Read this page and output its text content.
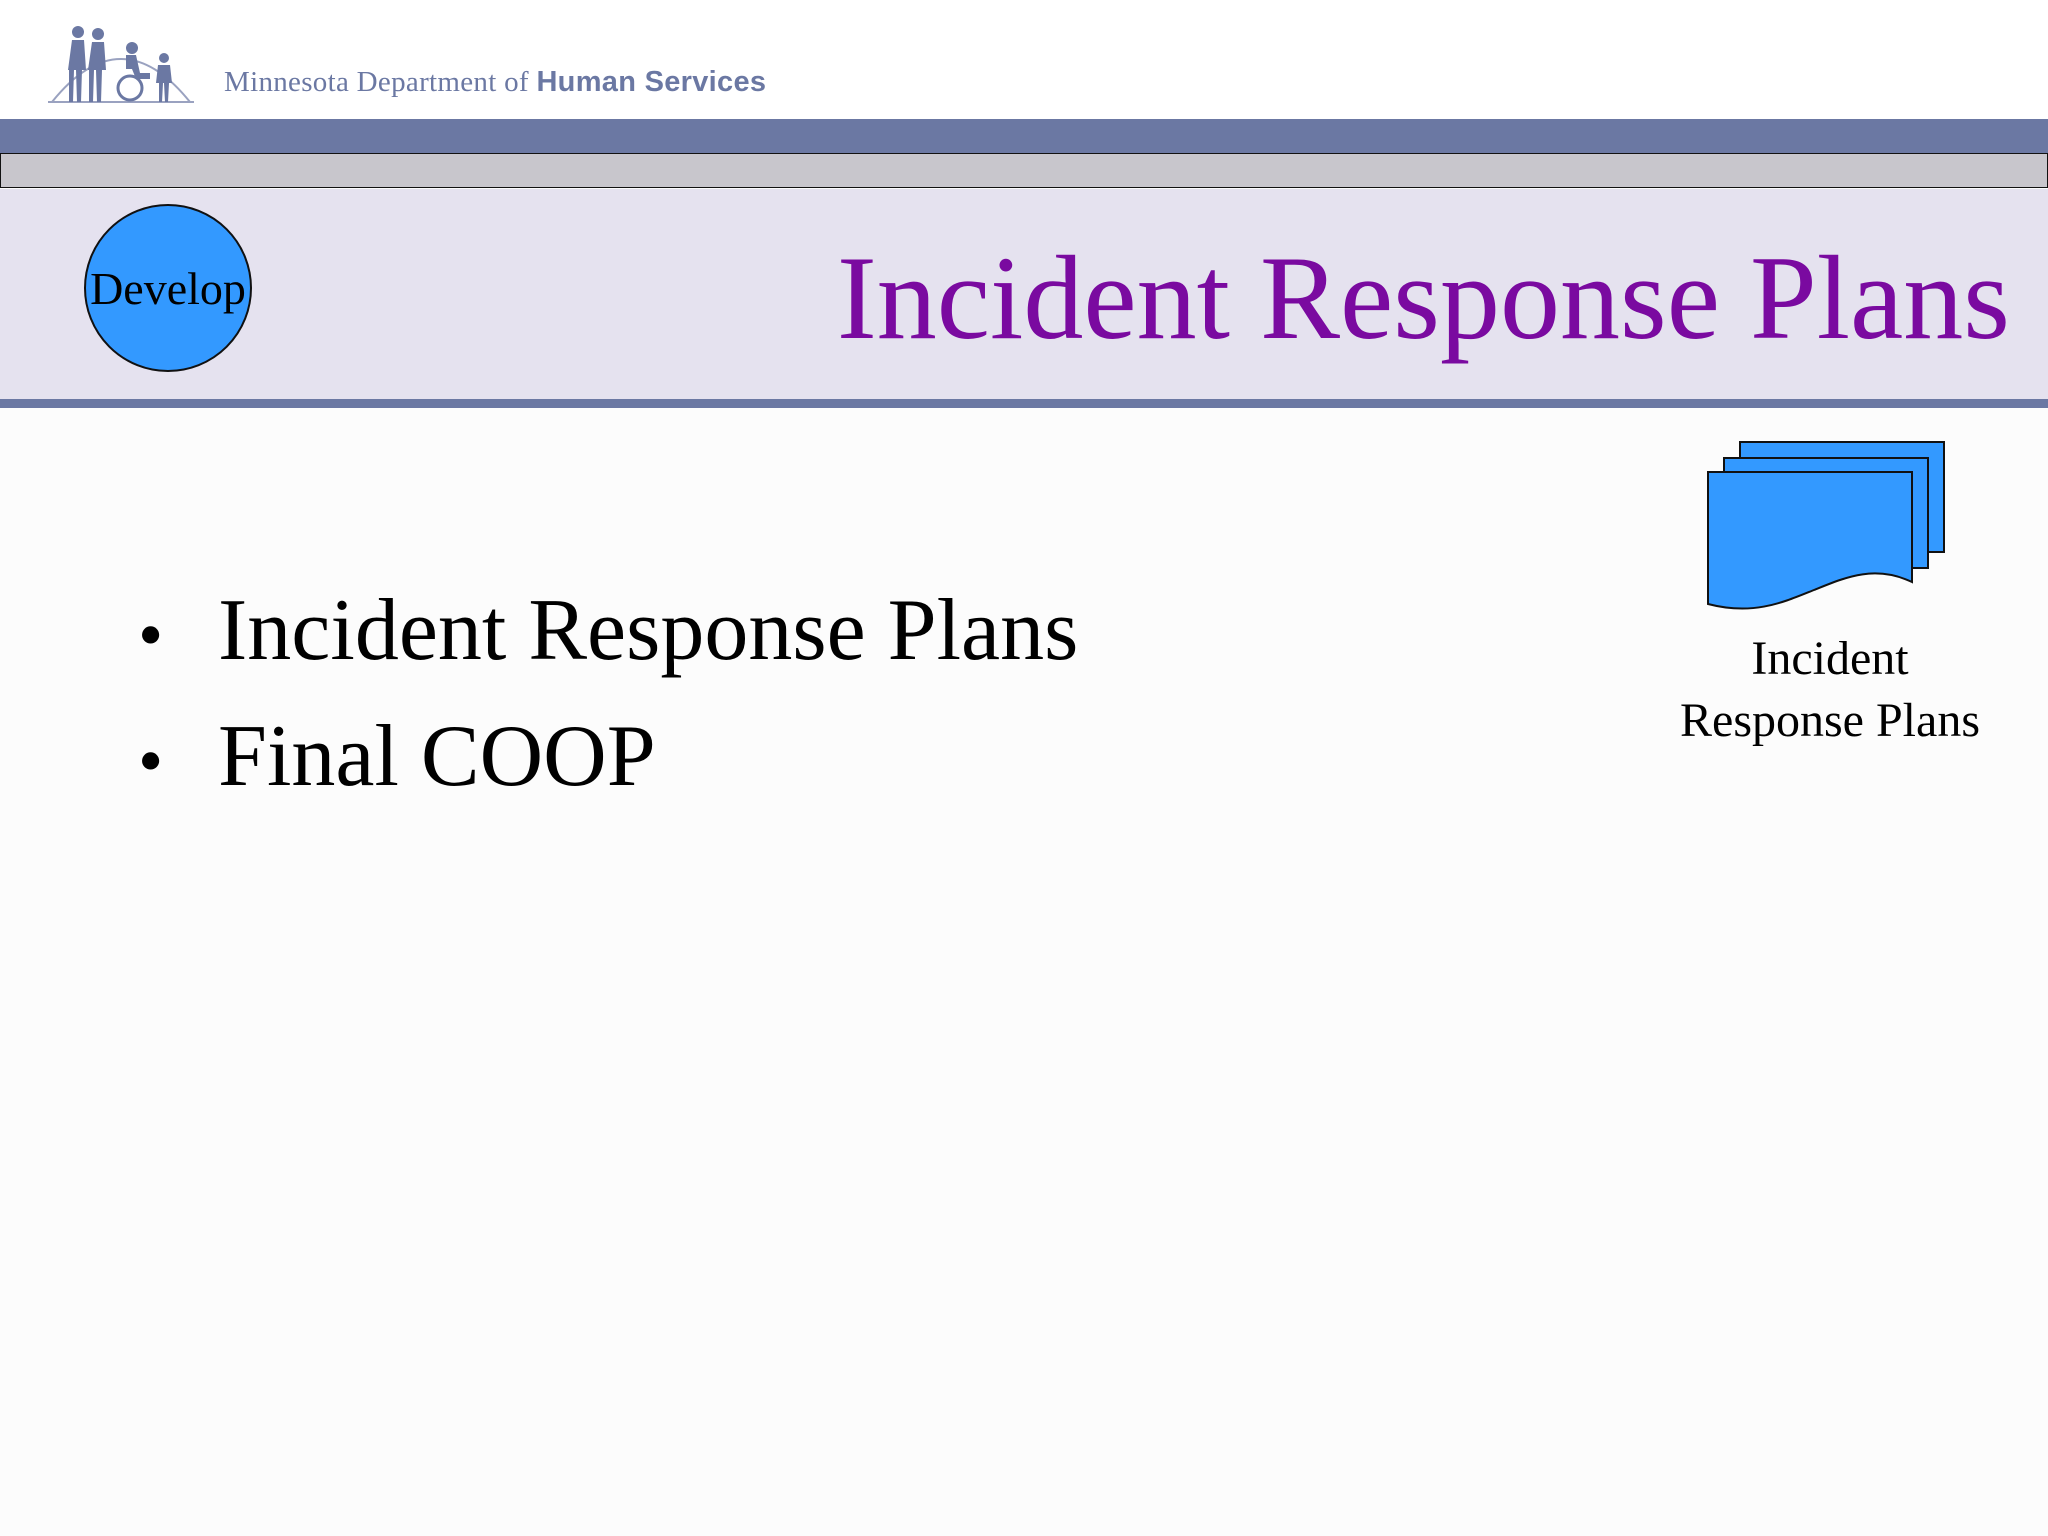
Minnesota Department of Human Services
Develop	Incident Response Plans
• Incident Response Plans
• Final COOP
Incident Response Plans
